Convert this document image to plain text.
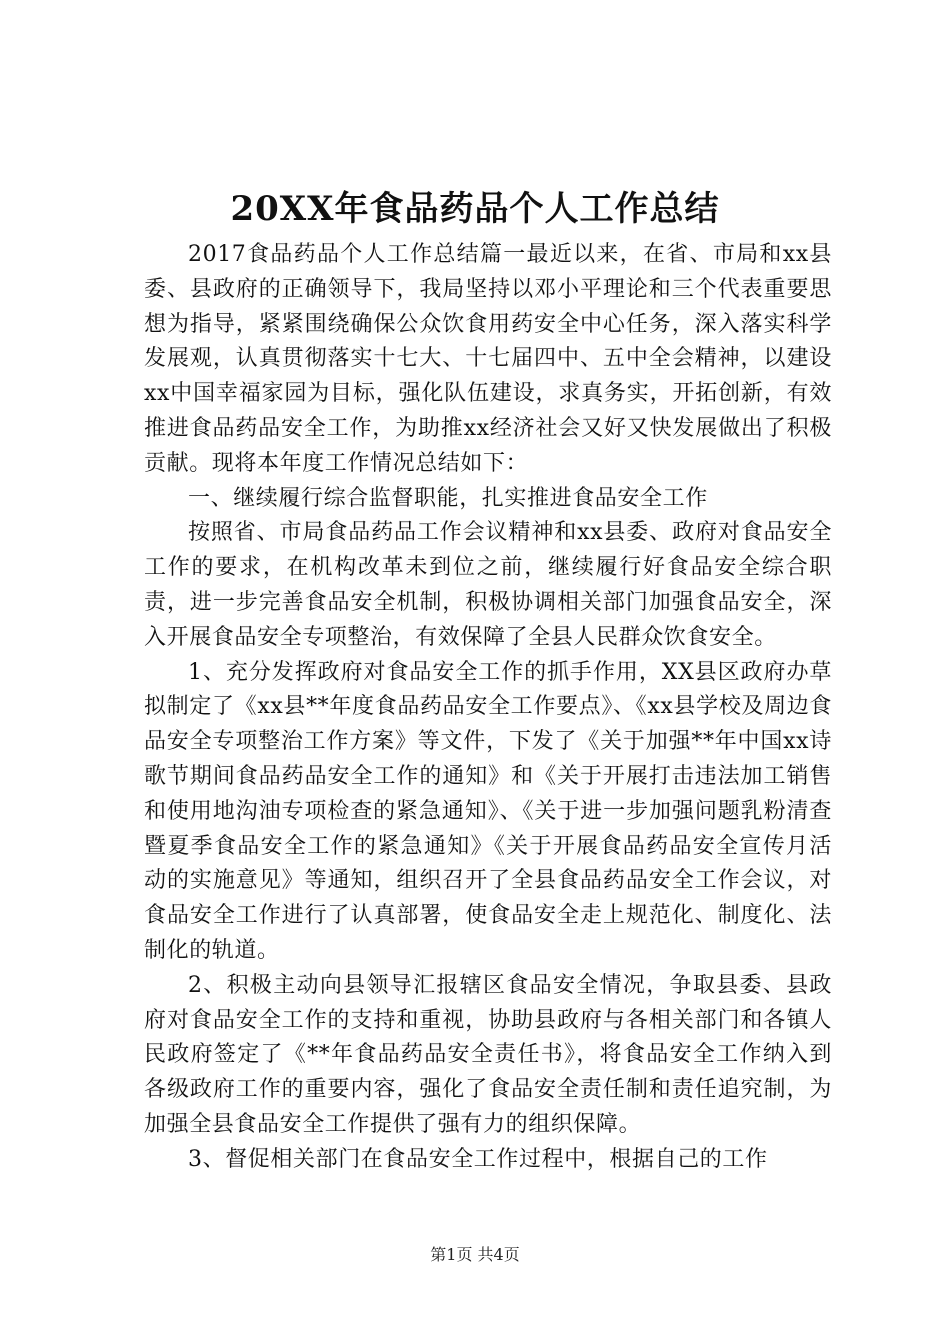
20XX年食品药品个人工作总结

2017食品药品个人工作总结篇一最近以来，在省、市局和xx县委、县政府的正确领导下，我局坚持以邓小平理论和三个代表重要思想为指导，紧紧围绕确保公众饮食用药安全中心任务，深入落实科学发展观，认真贯彻落实十七大、十七届四中、五中全会精神，以建设xx中国幸福家园为目标，强化队伍建设，求真务实，开拓创新，有效推进食品药品安全工作，为助推xx经济社会又好又快发展做出了积极贡献。现将本年度工作情况总结如下：

一、继续履行综合监督职能，扎实推进食品安全工作

按照省、市局食品药品工作会议精神和xx县委、政府对食品安全工作的要求，在机构改革未到位之前，继续履行好食品安全综合职责，进一步完善食品安全机制，积极协调相关部门加强食品安全，深入开展食品安全专项整治，有效保障了全县人民群众饮食安全。

1、充分发挥政府对食品安全工作的抓手作用，XX县区政府办草拟制定了《xx县**年度食品药品安全工作要点》、《xx县学校及周边食品安全专项整治工作方案》等文件，下发了《关于加强**年中国xx诗歌节期间食品药品安全工作的通知》和《关于开展打击违法加工销售和使用地沟油专项检查的紧急通知》、《关于进一步加强问题乳粉清查暨夏季食品安全工作的紧急通知》《关于开展食品药品安全宣传月活动的实施意见》等通知，组织召开了全县食品药品安全工作会议，对食品安全工作进行了认真部署，使食品安全走上规范化、制度化、法制化的轨道。

2、积极主动向县领导汇报辖区食品安全情况，争取县委、县政府对食品安全工作的支持和重视，协助县政府与各相关部门和各镇人民政府签定了《**年食品药品安全责任书》，将食品安全工作纳入到各级政府工作的重要内容，强化了食品安全责任制和责任追究制，为加强全县食品安全工作提供了强有力的组织保障。

3、督促相关部门在食品安全工作过程中，根据自己的工作

第1页 共4页
